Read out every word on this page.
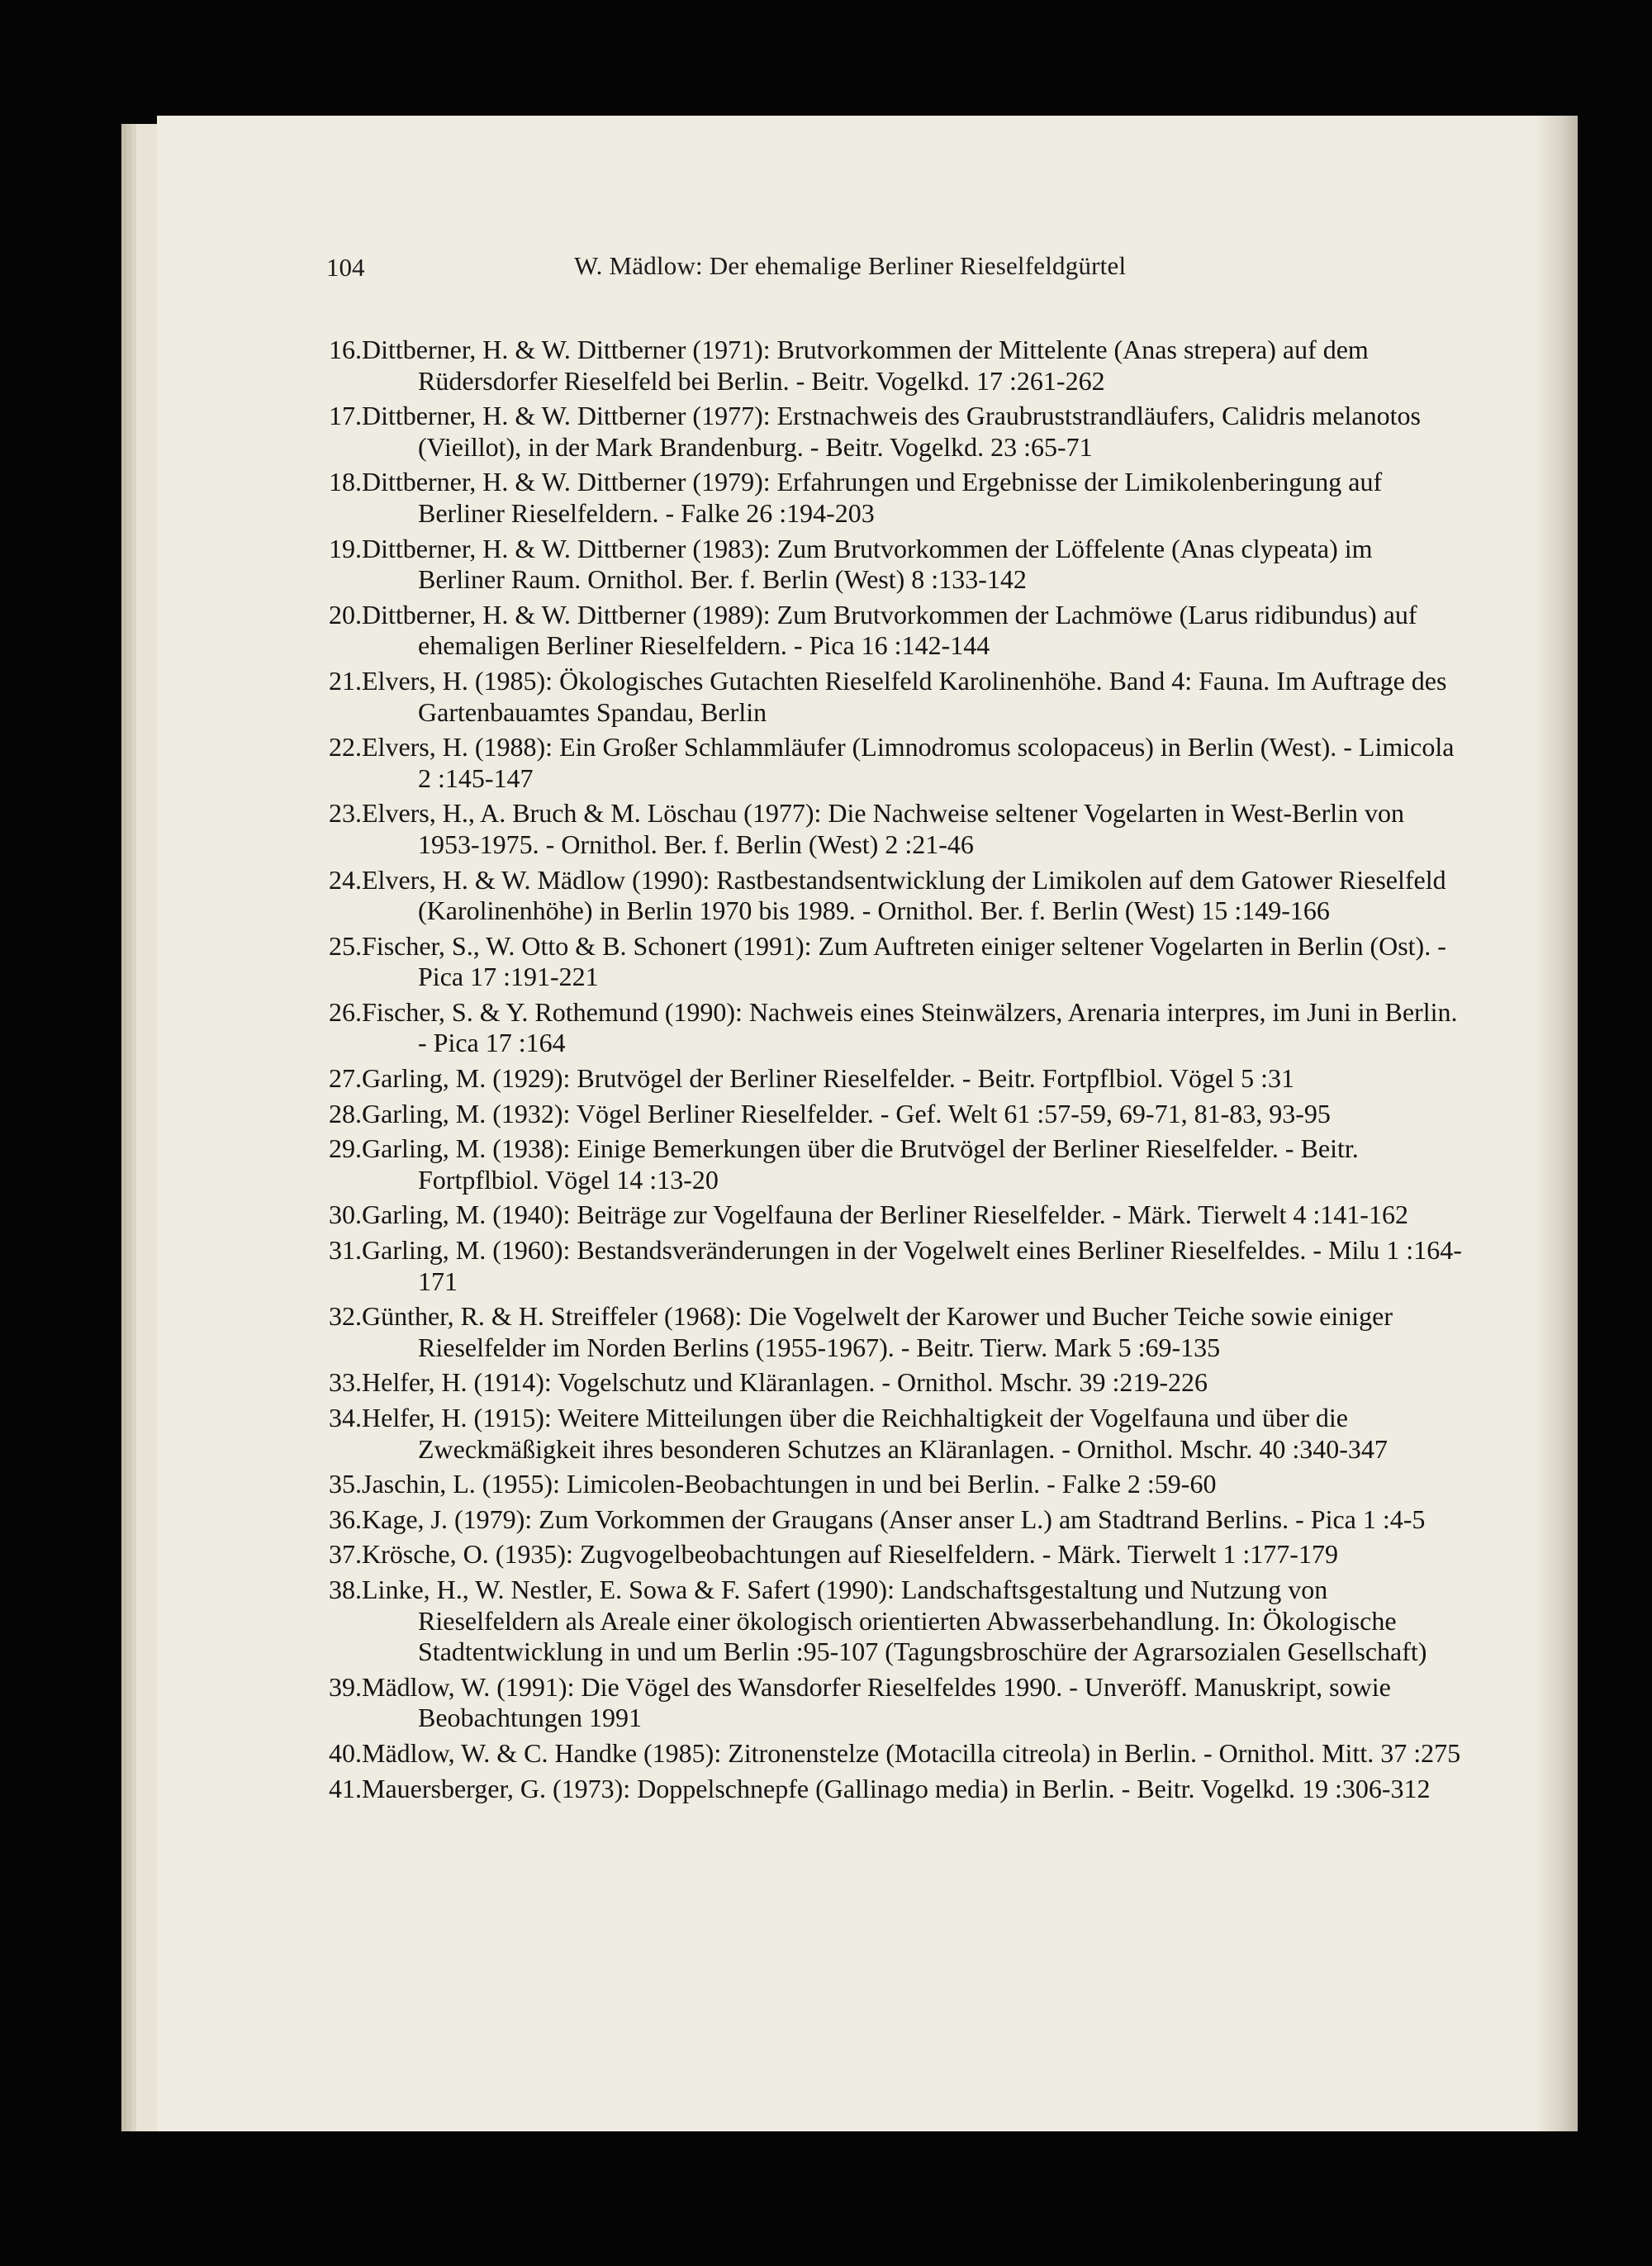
104	W. Mädlow: Der ehemalige Berliner Rieselfeldgürtel
16.Dittberner, H. & W. Dittberner (1971): Brutvorkommen der Mittelente (Anas strepera) auf dem Rüdersdorfer Rieselfeld bei Berlin. - Beitr. Vogelkd. 17 :261-262
17.Dittberner, H. & W. Dittberner (1977): Erstnachweis des Graubruststrandläufers, Calidris melanotos (Vieillot), in der Mark Brandenburg. - Beitr. Vogelkd. 23 :65-71
18.Dittberner, H. & W. Dittberner (1979): Erfahrungen und Ergebnisse der Limikolenberingung auf Berliner Rieselfeldern. - Falke 26 :194-203
19.Dittberner, H. & W. Dittberner (1983): Zum Brutvorkommen der Löffelente (Anas clypeata) im Berliner Raum. Ornithol. Ber. f. Berlin (West) 8 :133-142
20.Dittberner, H. & W. Dittberner (1989): Zum Brutvorkommen der Lachmöwe (Larus ridibundus) auf ehemaligen Berliner Rieselfeldern. - Pica 16 :142-144
21.Elvers, H. (1985): Ökologisches Gutachten Rieselfeld Karolinenhöhe. Band 4: Fauna. Im Auftrage des Gartenbauamtes Spandau, Berlin
22.Elvers, H. (1988): Ein Großer Schlammläufer (Limnodromus scolopaceus) in Berlin (West). - Limicola 2 :145-147
23.Elvers, H., A. Bruch & M. Löschau (1977): Die Nachweise seltener Vogelarten in West-Berlin von 1953-1975. - Ornithol. Ber. f. Berlin (West) 2 :21-46
24.Elvers, H. & W. Mädlow (1990): Rastbestandsentwicklung der Limikolen auf dem Gatower Rieselfeld (Karolinenhöhe) in Berlin 1970 bis 1989. - Ornithol. Ber. f. Berlin (West) 15 :149-166
25.Fischer, S., W. Otto & B. Schonert (1991): Zum Auftreten einiger seltener Vogelarten in Berlin (Ost). - Pica 17 :191-221
26.Fischer, S. & Y. Rothemund (1990): Nachweis eines Steinwälzers, Arenaria interpres, im Juni in Berlin. - Pica 17 :164
27.Garling, M. (1929): Brutvögel der Berliner Rieselfelder. - Beitr. Fortpflbiol. Vögel 5 :31
28.Garling, M. (1932): Vögel Berliner Rieselfelder. - Gef. Welt 61 :57-59, 69-71, 81-83, 93-95
29.Garling, M. (1938): Einige Bemerkungen über die Brutvögel der Berliner Rieselfelder. - Beitr. Fortpflbiol. Vögel 14 :13-20
30.Garling, M. (1940): Beiträge zur Vogelfauna der Berliner Rieselfelder. - Märk. Tierwelt 4 :141-162
31.Garling, M. (1960): Bestandsveränderungen in der Vogelwelt eines Berliner Rieselfeldes. - Milu 1 :164-171
32.Günther, R. & H. Streiffeler (1968): Die Vogelwelt der Karower und Bucher Teiche sowie einiger Rieselfelder im Norden Berlins (1955-1967). - Beitr. Tierw. Mark 5 :69-135
33.Helfer, H. (1914): Vogelschutz und Kläranlagen. - Ornithol. Mschr. 39 :219-226
34.Helfer, H. (1915): Weitere Mitteilungen über die Reichhaltigkeit der Vogelfauna und über die Zweckmäßigkeit ihres besonderen Schutzes an Kläranlagen. - Ornithol. Mschr. 40 :340-347
35.Jaschin, L. (1955): Limicolen-Beobachtungen in und bei Berlin. - Falke 2 :59-60
36.Kage, J. (1979): Zum Vorkommen der Graugans (Anser anser L.) am Stadtrand Berlins. - Pica 1 :4-5
37.Krösche, O. (1935): Zugvogelbeobachtungen auf Rieselfeldern. - Märk. Tierwelt 1 :177-179
38.Linke, H., W. Nestler, E. Sowa & F. Safert (1990): Landschaftsgestaltung und Nutzung von Rieselfeldern als Areale einer ökologisch orientierten Abwasserbehandlung. In: Ökologische Stadtentwicklung in und um Berlin :95-107 (Tagungsbroschüre der Agrarsozialen Gesellschaft)
39.Mädlow, W. (1991): Die Vögel des Wansdorfer Rieselfeldes 1990. - Unveröff. Manuskript, sowie Beobachtungen 1991
40.Mädlow, W. & C. Handke (1985): Zitronenstelze (Motacilla citreola) in Berlin. - Ornithol. Mitt. 37 :275
41.Mauersberger, G. (1973): Doppelschnepfe (Gallinago media) in Berlin. - Beitr. Vogelkd. 19 :306-312
